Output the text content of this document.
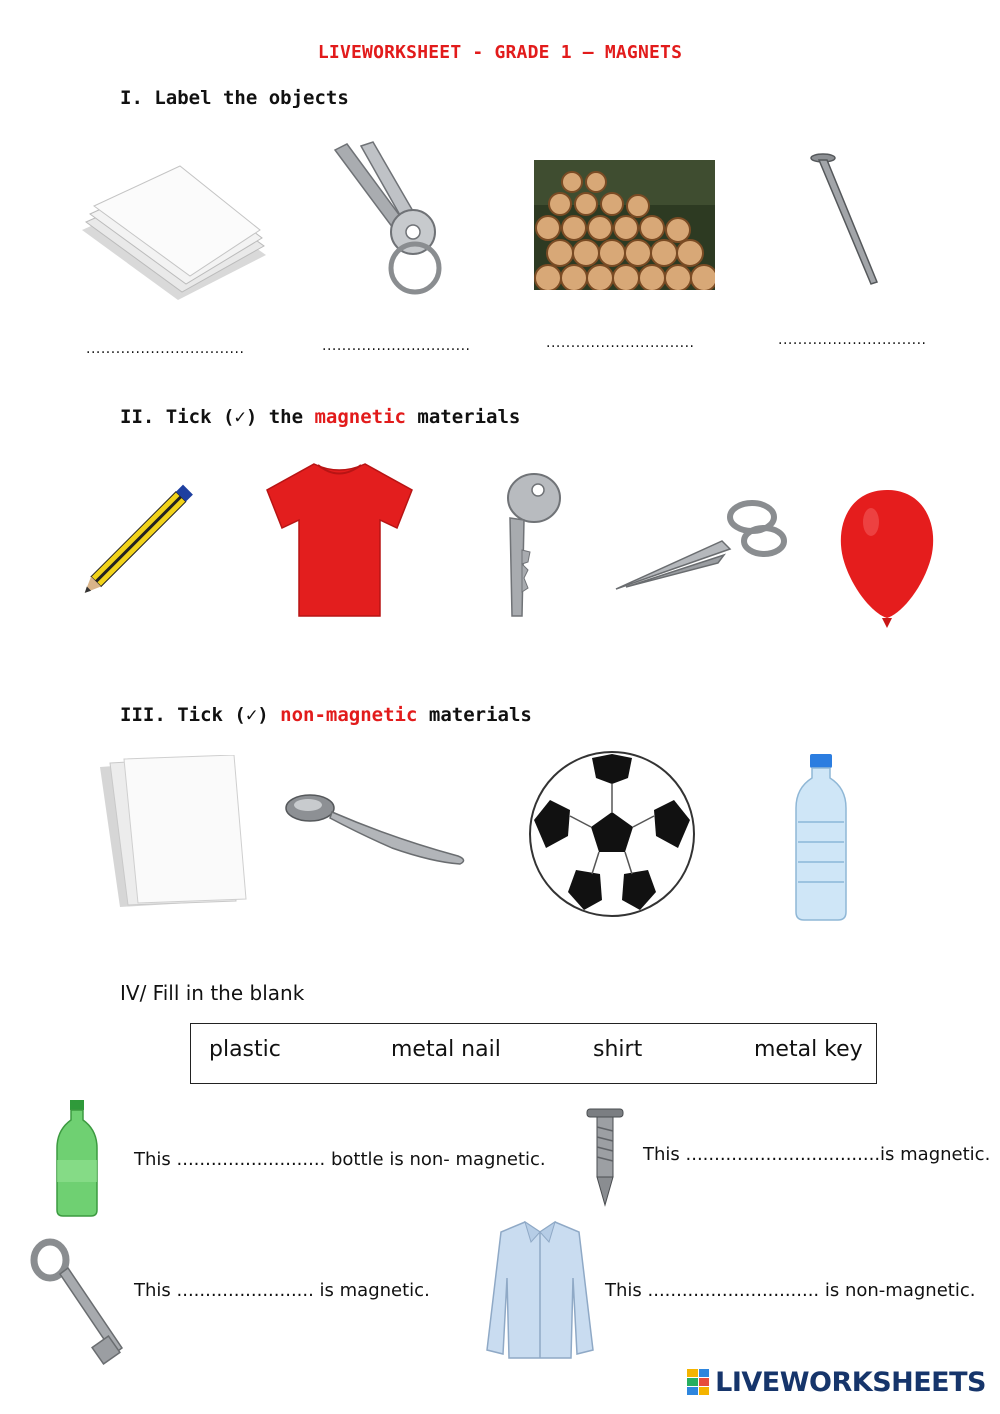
LIVEWORKSHEET - GRADE 1 – MAGNETS
I. Label the objects
................................	..............................	..............................	..............................
II. Tick (✓) the magnetic materials
III. Tick (✓) non-magnetic materials
IV/ Fill in the blank
plastic	metal nail	shirt	metal key
This .......................... bottle is non- magnetic.	This ..................................is magnetic.
This ........................ is magnetic.	This .............................. is non-magnetic.
LIVEWORKSHEETS
